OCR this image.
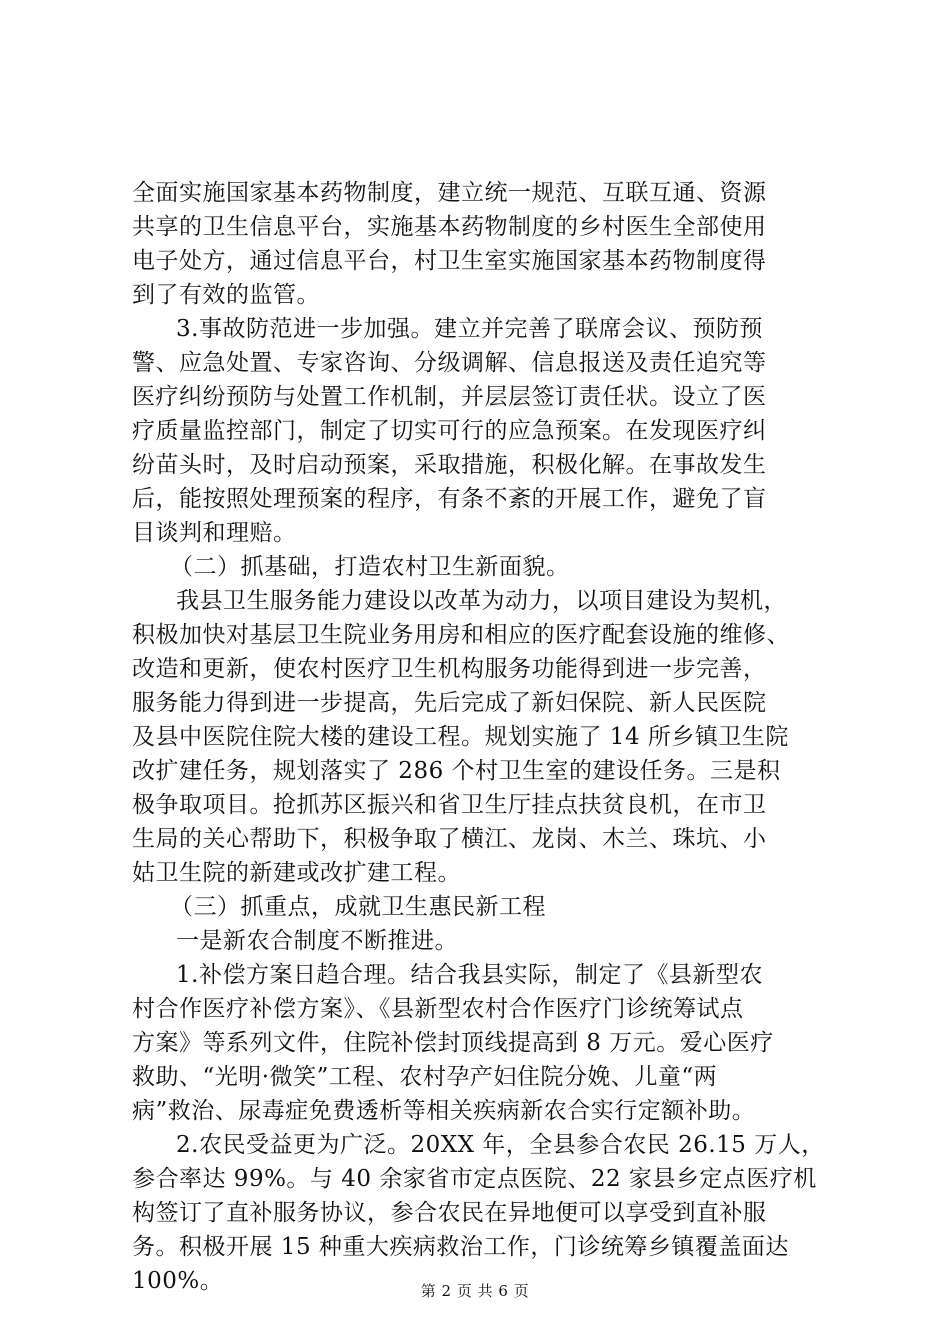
全面实施国家基本药物制度，建立统一规范、互联互通、资源
共享的卫生信息平台，实施基本药物制度的乡村医生全部使用
电子处方，通过信息平台，村卫生室实施国家基本药物制度得
到了有效的监管。
3.事故防范进一步加强。建立并完善了联席会议、预防预
警、应急处置、专家咨询、分级调解、信息报送及责任追究等
医疗纠纷预防与处置工作机制，并层层签订责任状。设立了医
疗质量监控部门，制定了切实可行的应急预案。在发现医疗纠
纷苗头时，及时启动预案，采取措施，积极化解。在事故发生
后，能按照处理预案的程序，有条不紊的开展工作，避免了盲
目谈判和理赔。
（二）抓基础，打造农村卫生新面貌。
我县卫生服务能力建设以改革为动力，以项目建设为契机，
积极加快对基层卫生院业务用房和相应的医疗配套设施的维修、
改造和更新，使农村医疗卫生机构服务功能得到进一步完善，
服务能力得到进一步提高，先后完成了新妇保院、新人民医院
及县中医院住院大楼的建设工程。规划实施了 14 所乡镇卫生院
改扩建任务，规划落实了 286 个村卫生室的建设任务。三是积
极争取项目。抢抓苏区振兴和省卫生厅挂点扶贫良机，在市卫
生局的关心帮助下，积极争取了横江、龙岗、木兰、珠坑、小
姑卫生院的新建或改扩建工程。
（三）抓重点，成就卫生惠民新工程
一是新农合制度不断推进。
1.补偿方案日趋合理。结合我县实际，制定了《县新型农
村合作医疗补偿方案》、《县新型农村合作医疗门诊统筹试点
方案》等系列文件，住院补偿封顶线提高到 8 万元。爱心医疗
救助、“光明·微笑”工程、农村孕产妇住院分娩、儿童“两
病”救治、尿毒症免费透析等相关疾病新农合实行定额补助。
2.农民受益更为广泛。20XX 年，全县参合农民 26.15 万人，
参合率达 99%。与 40 余家省市定点医院、22 家县乡定点医疗机
构签订了直补服务协议，参合农民在异地便可以享受到直补服
务。积极开展 15 种重大疾病救治工作，门诊统筹乡镇覆盖面达
100%。	第 2 页 共 6 页
